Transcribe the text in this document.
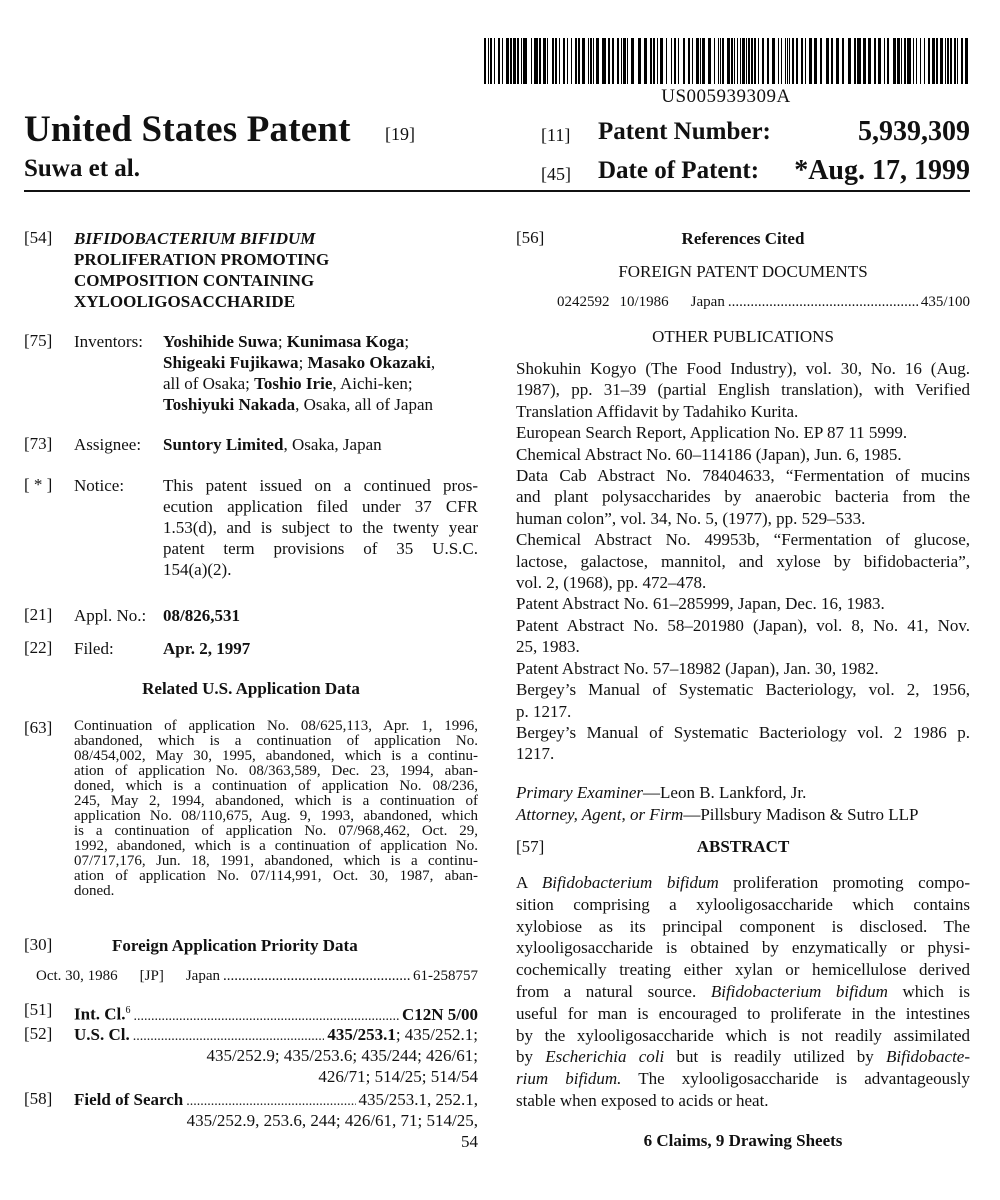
US005939309A
United States Patent [19]
Suwa et al.
[11] Patent Number:	5,939,309
[45] Date of Patent:	*Aug. 17, 1999
[54] BIFIDOBACTERIUM BIFIDUM
PROLIFERATION PROMOTING
COMPOSITION CONTAINING
XYLOOLIGOSACCHARIDE
[75] Inventors: Yoshihide Suwa; Kunimasa Koga;
Shigeaki Fujikawa; Masako Okazaki,
all of Osaka; Toshio Irie, Aichi-ken;
Toshiyuki Nakada, Osaka, all of Japan
[73] Assignee: Suntory Limited, Osaka, Japan
[ * ] Notice: This patent issued on a continued pros-
ecution application filed under 37 CFR
1.53(d), and is subject to the twenty year
patent term provisions of 35 U.S.C.
154(a)(2).
[21] Appl. No.: 08/826,531
[22] Filed:	Apr. 2, 1997
Related U.S. Application Data
[63] Continuation of application No. 08/625,113, Apr. 1, 1996,
abandoned, which is a continuation of application No.
08/454,002, May 30, 1995, abandoned, which is a continu-
ation of application No. 08/363,589, Dec. 23, 1994, aban-
doned, which is a continuation of application No. 08/236,
245, May 2, 1994, abandoned, which is a continuation of
application No. 08/110,675, Aug. 9, 1993, abandoned, which
is a continuation of application No. 07/968,462, Oct. 29,
1992, abandoned, which is a continuation of application No.
07/717,176, Jun. 18, 1991, abandoned, which is a continu-
ation of application No. 07/114,991, Oct. 30, 1987, aban-
doned.
[30]	Foreign Application Priority Data
Oct. 30, 1986 [JP] Japan .....	61-258757
[51] Int. Cl.$^6$ .....	C12N 5/00
[52] U.S. Cl. .....	435/253.1; 435/252.1;
435/252.9; 435/253.6; 435/244; 426/61;
426/71; 514/25; 514/54
[58] Field of Search .....	435/253.1, 252.1,
435/252.9, 253.6, 244; 426/61, 71; 514/25,
54
[56]	References Cited
FOREIGN PATENT DOCUMENTS
0242592 10/1986 Japan .....	435/100
OTHER PUBLICATIONS
Shokuhin Kogyo (The Food Industry), vol. 30, No. 16 (Aug.
1987), pp. 31–39 (partial English translation), with Verified
Translation Affidavit by Tadahiko Kurita.
European Search Report, Application No. EP 87 11 5999.
Chemical Abstract No. 60–114186 (Japan), Jun. 6, 1985.
Data Cab Abstract No. 78404633, “Fermentation of mucins
and plant polysaccharides by anaerobic bacteria from the
human colon”, vol. 34, No. 5, (1977), pp. 529–533.
Chemical Abstract No. 49953b, “Fermentation of glucose,
lactose, galactose, mannitol, and xylose by bifidobacteria”,
vol. 2, (1968), pp. 472–478.
Patent Abstract No. 61–285999, Japan, Dec. 16, 1983.
Patent Abstract No. 58–201980 (Japan), vol. 8, No. 41, Nov.
25, 1983.
Patent Abstract No. 57–18982 (Japan), Jan. 30, 1982.
Bergey’s Manual of Systematic Bacteriology, vol. 2, 1956,
p. 1217.
Bergey’s Manual of Systematic Bacteriology vol. 2 1986 p.
1217.
Primary Examiner—Leon B. Lankford, Jr.
Attorney, Agent, or Firm—Pillsbury Madison & Sutro LLP
[57]	ABSTRACT
A Bifidobacterium bifidum proliferation promoting compo-
sition comprising a xylooligosaccharide which contains
xylobiose as its principal component is disclosed. The
xylooligosaccharide is obtained by enzymatically or physi-
cochemically treating either xylan or hemicellulose derived
from a natural source. Bifidobacterium bifidum which is
useful for man is encouraged to proliferate in the intestines
by the xylooligosaccharide which is not readily assimilated
by Escherichia coli but is readily utilized by Bifidobacte-
rium bifidum. The xylooligosaccharide is advantageously
stable when exposed to acids or heat.
6 Claims, 9 Drawing Sheets
